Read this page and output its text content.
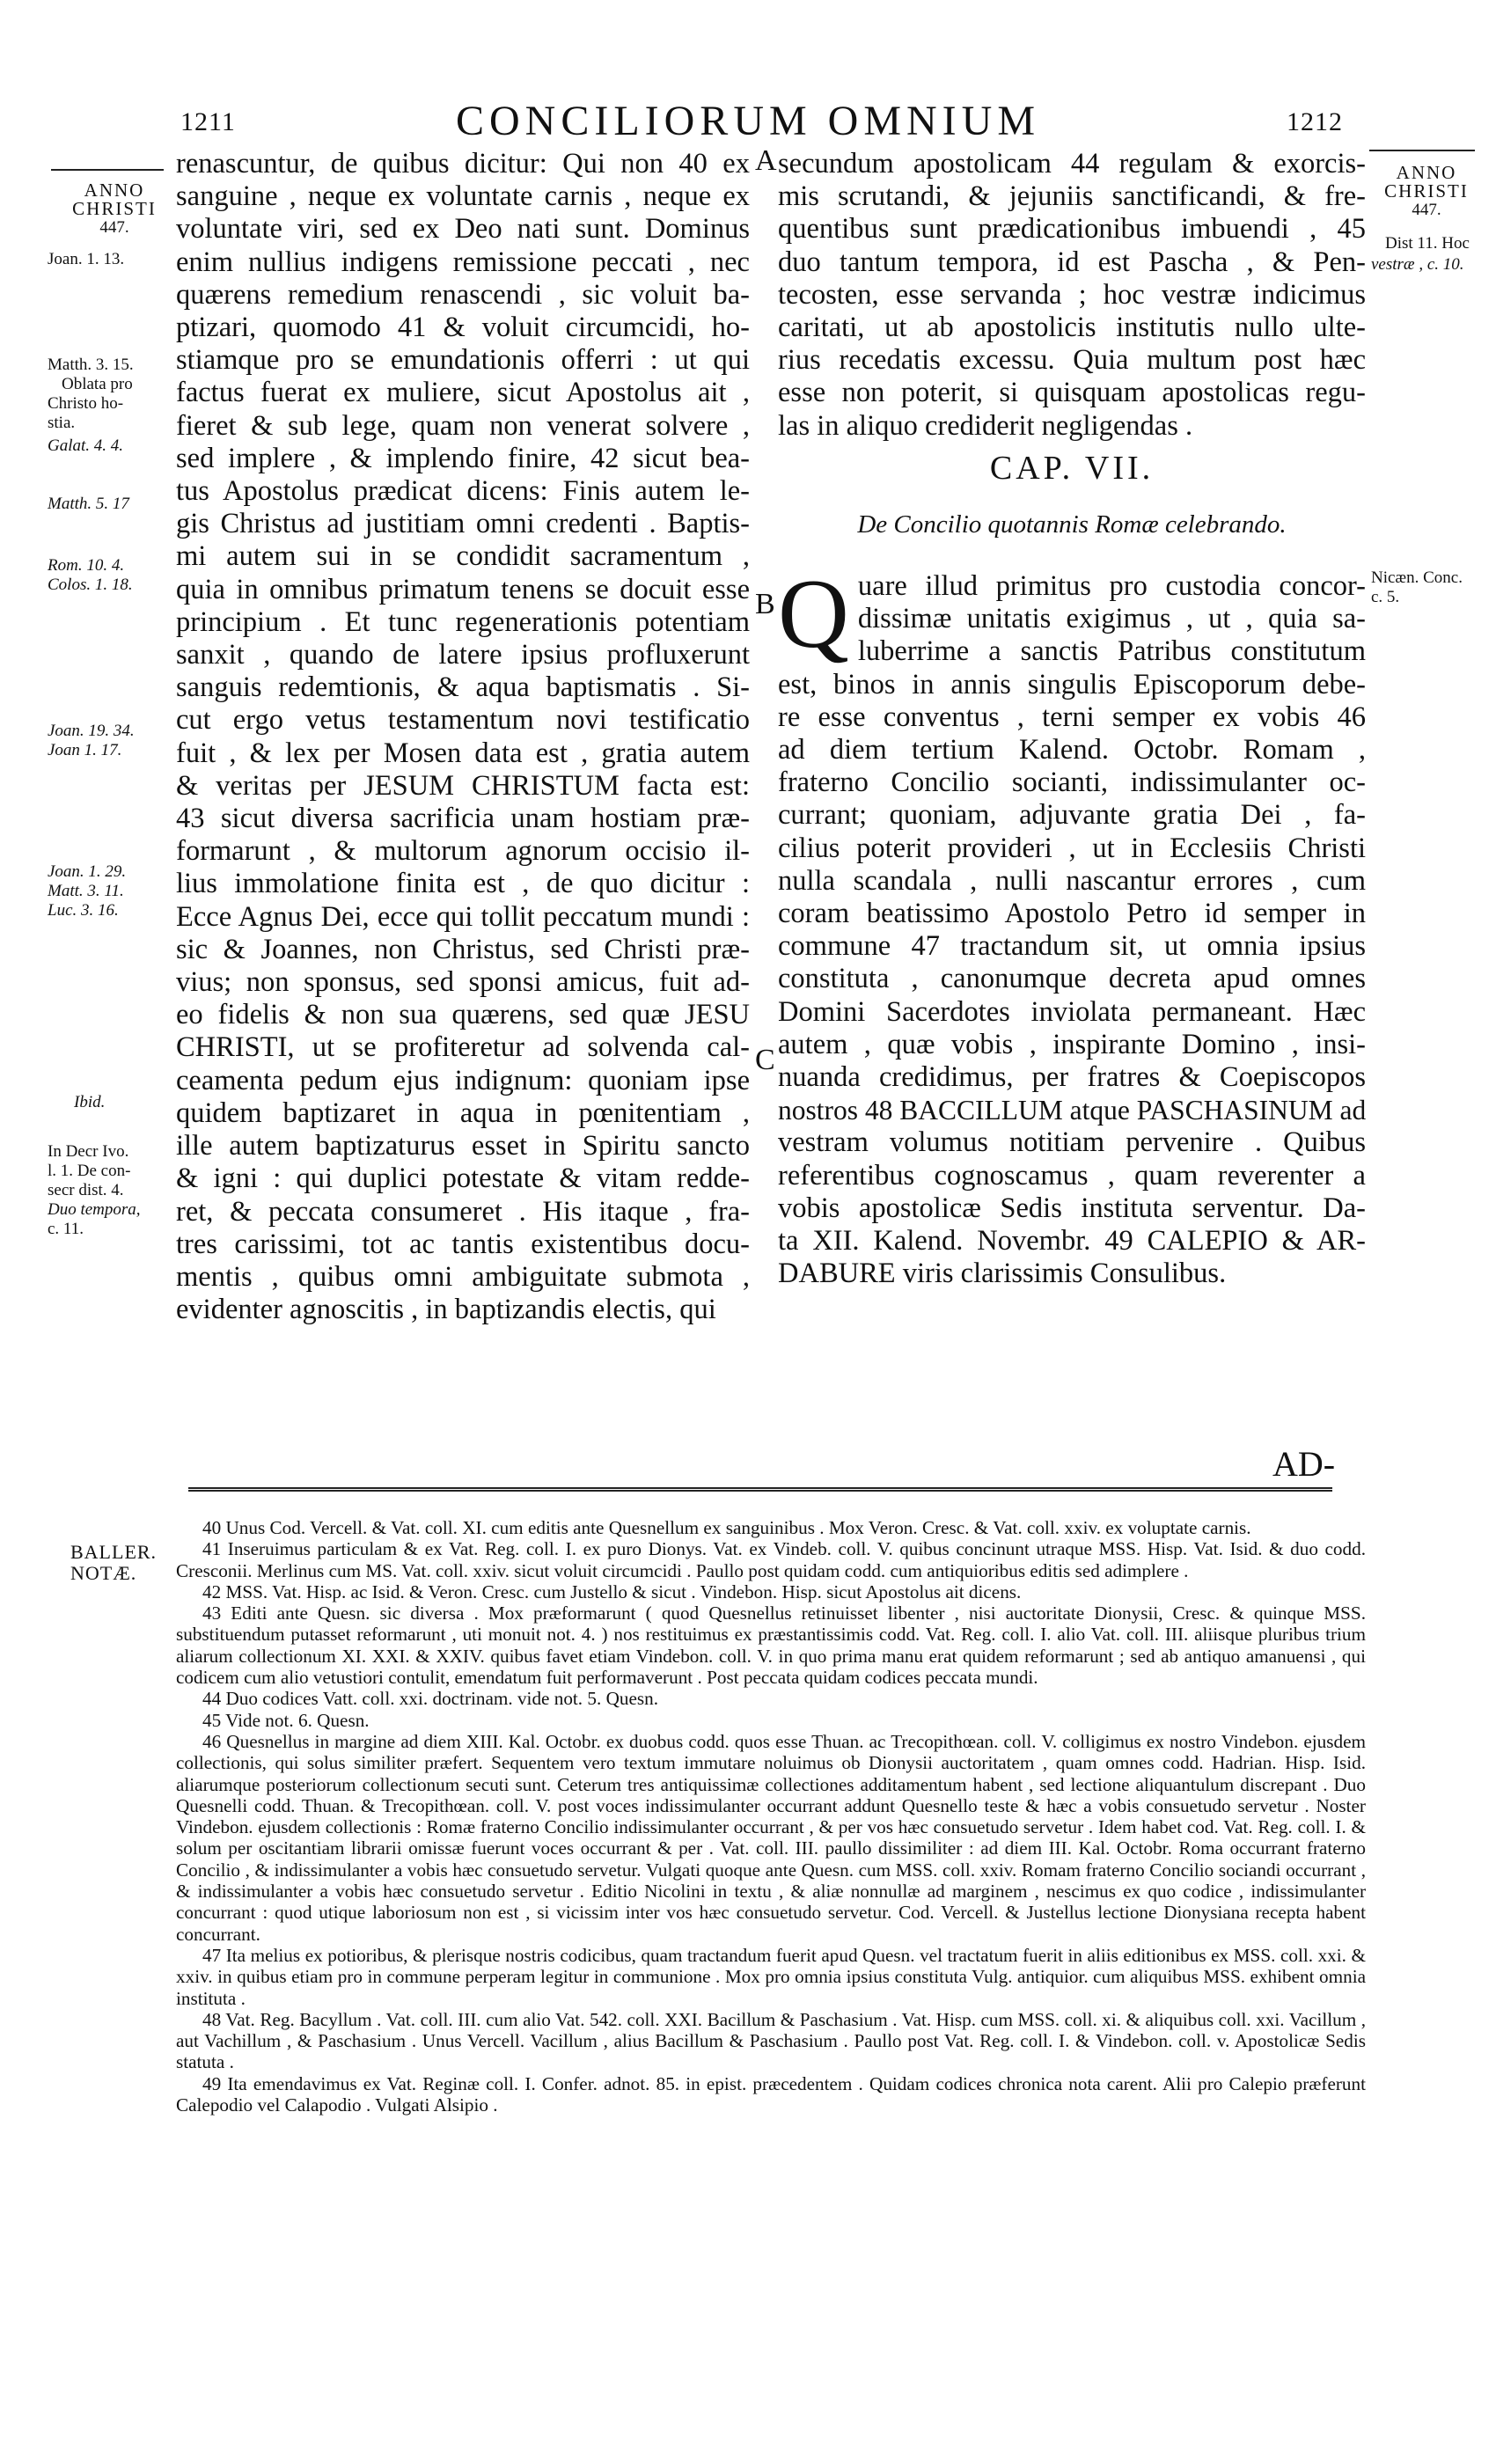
1211	CONCILIORUM OMNIUM	1212
ANNO
CHRISTI
447.
Joan. 1. 13.
Matth. 3. 15.
Oblata pro
Christo ho-
stia.
Galat. 4. 4.
Matth. 5. 17
Rom. 10. 4.
Colos. 1. 18.
Joan. 19. 34.
Joan 1. 17.
Joan. 1. 29.
Matt. 3. 11.
Luc. 3. 16.
Ibid.
In Decr Ivo.
l. 1. De con-
secr dist. 4.
Duo tempora,
c. 11.
ANNO
CHRISTI
447.
Dist 11. Hoc
vestræ , c. 10.
Nicæn. Conc.
c. 5.
A
B
C
renascuntur, de quibus dicitur: Qui non 40 ex
sanguine , neque ex voluntate carnis , neque ex
voluntate viri, sed ex Deo nati sunt. Dominus
enim nullius indigens remissione peccati , nec
quærens remedium renascendi , sic voluit ba-
ptizari, quomodo 41 & voluit circumcidi, ho-
stiamque pro se emundationis offerri : ut qui
factus fuerat ex muliere, sicut Apostolus ait ,
fieret & sub lege, quam non venerat solvere ,
sed implere , & implendo finire, 42 sicut bea-
tus Apostolus prædicat dicens: Finis autem le-
gis Christus ad justitiam omni credenti . Baptis-
mi autem sui in se condidit sacramentum ,
quia in omnibus primatum tenens se docuit esse
principium . Et tunc regenerationis potentiam
sanxit , quando de latere ipsius profluxerunt
sanguis redemtionis, & aqua baptismatis . Si-
cut ergo vetus testamentum novi testificatio
fuit , & lex per Mosen data est , gratia autem
& veritas per JESUM CHRISTUM facta est:
43 sicut diversa sacrificia unam hostiam præ-
formarunt , & multorum agnorum occisio il-
lius immolatione finita est , de quo dicitur :
Ecce Agnus Dei, ecce qui tollit peccatum mundi :
sic & Joannes, non Christus, sed Christi præ-
vius; non sponsus, sed sponsi amicus, fuit ad-
eo fidelis & non sua quærens, sed quæ JESU
CHRISTI, ut se profiteretur ad solvenda cal-
ceamenta pedum ejus indignum: quoniam ipse
quidem baptizaret in aqua in pœnitentiam ,
ille autem baptizaturus esset in Spiritu sancto
& igni : qui duplici potestate & vitam redde-
ret, & peccata consumeret . His itaque , fra-
tres carissimi, tot ac tantis existentibus docu-
mentis , quibus omni ambiguitate submota ,
evidenter agnoscitis , in baptizandis electis, qui
secundum apostolicam 44 regulam & exorcis-
mis scrutandi, & jejuniis sanctificandi, & fre-
quentibus sunt prædicationibus imbuendi , 45
duo tantum tempora, id est Pascha , & Pen-
tecosten, esse servanda ; hoc vestræ indicimus
caritati, ut ab apostolicis institutis nullo ulte-
rius recedatis excessu. Quia multum post hæc
esse non poterit, si quisquam apostolicas regu-
las in aliquo crediderit negligendas .
CAP. VII.
De Concilio quotannis Romæ celebrando.
Q uare illud primitus pro custodia concor-
dissimæ unitatis exigimus , ut , quia sa-
luberrime a sanctis Patribus constitutum
est, binos in annis singulis Episcoporum debe-
re esse conventus , terni semper ex vobis 46
ad diem tertium Kalend. Octobr. Romam ,
fraterno Concilio socianti, indissimulanter oc-
currant; quoniam, adjuvante gratia Dei , fa-
cilius poterit provideri , ut in Ecclesiis Christi
nulla scandala , nulli nascantur errores , cum
coram beatissimo Apostolo Petro id semper in
commune 47 tractandum sit, ut omnia ipsius
constituta , canonumque decreta apud omnes
Domini Sacerdotes inviolata permaneant. Hæc
autem , quæ vobis , inspirante Domino , insi-
nuanda credidimus, per fratres & Coepiscopos
nostros 48 BACCILLUM atque PASCHASINUM ad
vestram volumus notitiam pervenire . Quibus
referentibus cognoscamus , quam reverenter a
vobis apostolicæ Sedis instituta serventur. Da-
ta XII. Kalend. Novembr. 49 CALEPIO & AR-
DABURE viris clarissimis Consulibus.
AD-
BALLER.
NOTÆ.

40 Unus Cod. Vercell. & Vat. coll. XI. cum editis ante Quesnellum ex sanguinibus . Mox Veron. Cresc. & Vat. coll. xxiv. ex voluptate carnis.

41 Inseruimus particulam & ex Vat. Reg. coll. I. ex puro Dionys. Vat. ex Vindeb. coll. V. quibus concinunt utraque MSS. Hisp. Vat. Isid. & duo codd. Cresconii. Merlinus cum MS. Vat. coll. xxiv. sicut voluit circumcidi . Paullo post quidam codd. cum antiquioribus editis sed adimplere .

42 MSS. Vat. Hisp. ac Isid. & Veron. Cresc. cum Justello & sicut . Vindebon. Hisp. sicut Apostolus ait dicens.

43 Editi ante Quesn. sic diversa . Mox præformarunt ( quod Quesnellus retinuisset libenter , nisi auctoritate Dionysii, Cresc. & quinque MSS. substituendum putasset reformarunt , uti monuit not. 4. ) nos restituimus ex præstantissimis codd. Vat. Reg. coll. I. alio Vat. coll. III. aliisque pluribus trium aliarum collectionum XI. XXI. & XXIV. quibus favet etiam Vindebon. coll. V. in quo prima manu erat quidem reformarunt ; sed ab antiquo amanuensi , qui codicem cum alio vetustiori contulit, emendatum fuit performaverunt . Post peccata quidam codices peccata mundi.

44 Duo codices Vatt. coll. xxi. doctrinam. vide not. 5. Quesn.

45 Vide not. 6. Quesn.

46 Quesnellus in margine ad diem XIII. Kal. Octobr. ex duobus codd. quos esse Thuan. ac Trecopithœan. coll. V. colligimus ex nostro Vindebon. ejusdem collectionis, qui solus similiter præfert. Sequentem vero textum immutare noluimus ob Dionysii auctoritatem , quam omnes codd. Hadrian. Hisp. Isid. aliarumque posteriorum collectionum secuti sunt. Ceterum tres antiquissimæ collectiones additamentum habent , sed lectione aliquantulum discrepant . Duo Quesnelli codd. Thuan. & Trecopithœan. coll. V. post voces indissimulanter occurrant addunt Quesnello teste & hæc a vobis consuetudo servetur . Noster Vindebon. ejusdem collectionis : Romæ fraterno Concilio indissimulanter occurrant , & per vos hæc consuetudo servetur . Idem habet cod. Vat. Reg. coll. I. & solum per oscitantiam librarii omissæ fuerunt voces occurrant & per . Vat. coll. III. paullo dissimiliter : ad diem III. Kal. Octobr. Roma occurrant fraterno Concilio , & indissimulanter a vobis hæc consuetudo servetur. Vulgati quoque ante Quesn. cum MSS. coll. xxiv. Romam fraterno Concilio sociandi occurrant , & indissimulanter a vobis hæc consuetudo servetur . Editio Nicolini in textu , & aliæ nonnullæ ad marginem , nescimus ex quo codice , indissimulanter concurrant : quod utique laboriosum non est , si vicissim inter vos hæc consuetudo servetur. Cod. Vercell. & Justellus lectione Dionysiana recepta habent concurrant.

47 Ita melius ex potioribus, & plerisque nostris codicibus, quam tractandum fuerit apud Quesn. vel tractatum fuerit in aliis editionibus ex MSS. coll. xxi. & xxiv. in quibus etiam pro in commune perperam legitur in communione . Mox pro omnia ipsius constituta Vulg. antiquior. cum aliquibus MSS. exhibent omnia instituta .

48 Vat. Reg. Bacyllum . Vat. coll. III. cum alio Vat. 542. coll. XXI. Bacillum & Paschasium . Vat. Hisp. cum MSS. coll. xi. & aliquibus coll. xxi. Vacillum , aut Vachillum , & Paschasium . Unus Vercell. Vacillum , alius Bacillum & Paschasium . Paullo post Vat. Reg. coll. I. & Vindebon. coll. v. Apostolicæ Sedis statuta .

49 Ita emendavimus ex Vat. Reginæ coll. I. Confer. adnot. 85. in epist. præcedentem . Quidam codices chronica nota carent. Alii pro Calepio præferunt Calepodio vel Calapodio . Vulgati Alsipio .
